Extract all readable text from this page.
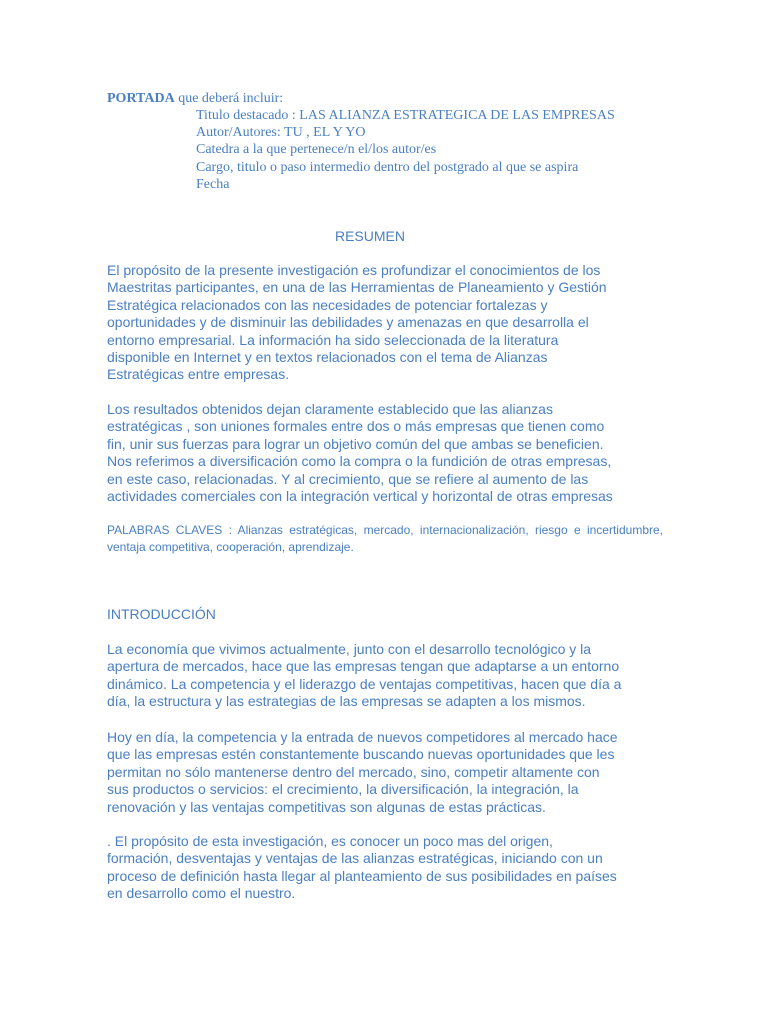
PORTADA que deberá incluir:
Titulo destacado : LAS ALIANZA ESTRATEGICA DE LAS EMPRESAS
Autor/Autores: TU , EL Y YO
Catedra a la que pertenece/n el/los autor/es
Cargo, titulo o paso intermedio dentro del postgrado al que se aspira
Fecha
RESUMEN

El propósito de la presente investigación es profundizar el conocimientos de los
Maestritas participantes, en una de las Herramientas de Planeamiento y Gestión
Estratégica relacionados con las necesidades de potenciar fortalezas y
oportunidades y de disminuir las debilidades y amenazas en que desarrolla el
entorno empresarial. La información ha sido seleccionada de la literatura
disponible en Internet y en textos relacionados con el tema de Alianzas
Estratégicas entre empresas.

Los resultados obtenidos dejan claramente establecido que las alianzas
estratégicas , son uniones formales entre dos o más empresas que tienen como
fin, unir sus fuerzas para lograr un objetivo común del que ambas se beneficien.
Nos referimos a diversificación como la compra o la fundición de otras empresas,
en este caso, relacionadas. Y al crecimiento, que se refiere al aumento de las
actividades comerciales con la integración vertical y horizontal de otras empresas

PALABRAS CLAVES : Alianzas estratégicas, mercado, internacionalización, riesgo e incertidumbre, ventaja competitiva, cooperación, aprendizaje.

INTRODUCCIÓN

La economía que vivimos actualmente, junto con el desarrollo tecnológico y la
apertura de mercados, hace que las empresas tengan que adaptarse a un entorno
dinámico. La competencia y el liderazgo de ventajas competitivas, hacen que día a
día, la estructura y las estrategias de las empresas se adapten a los mismos.

Hoy en día, la competencia y la entrada de nuevos competidores al mercado hace
que las empresas estén constantemente buscando nuevas oportunidades que les
permitan no sólo mantenerse dentro del mercado, sino, competir altamente con
sus productos o servicios: el crecimiento, la diversificación, la integración, la
renovación y las ventajas competitivas son algunas de estas prácticas.

. El propósito de esta investigación, es conocer un poco mas del origen,
formación, desventajas y ventajas de las alianzas estratégicas, iniciando con un
proceso de definición hasta llegar al planteamiento de sus posibilidades en países
en desarrollo como el nuestro.
